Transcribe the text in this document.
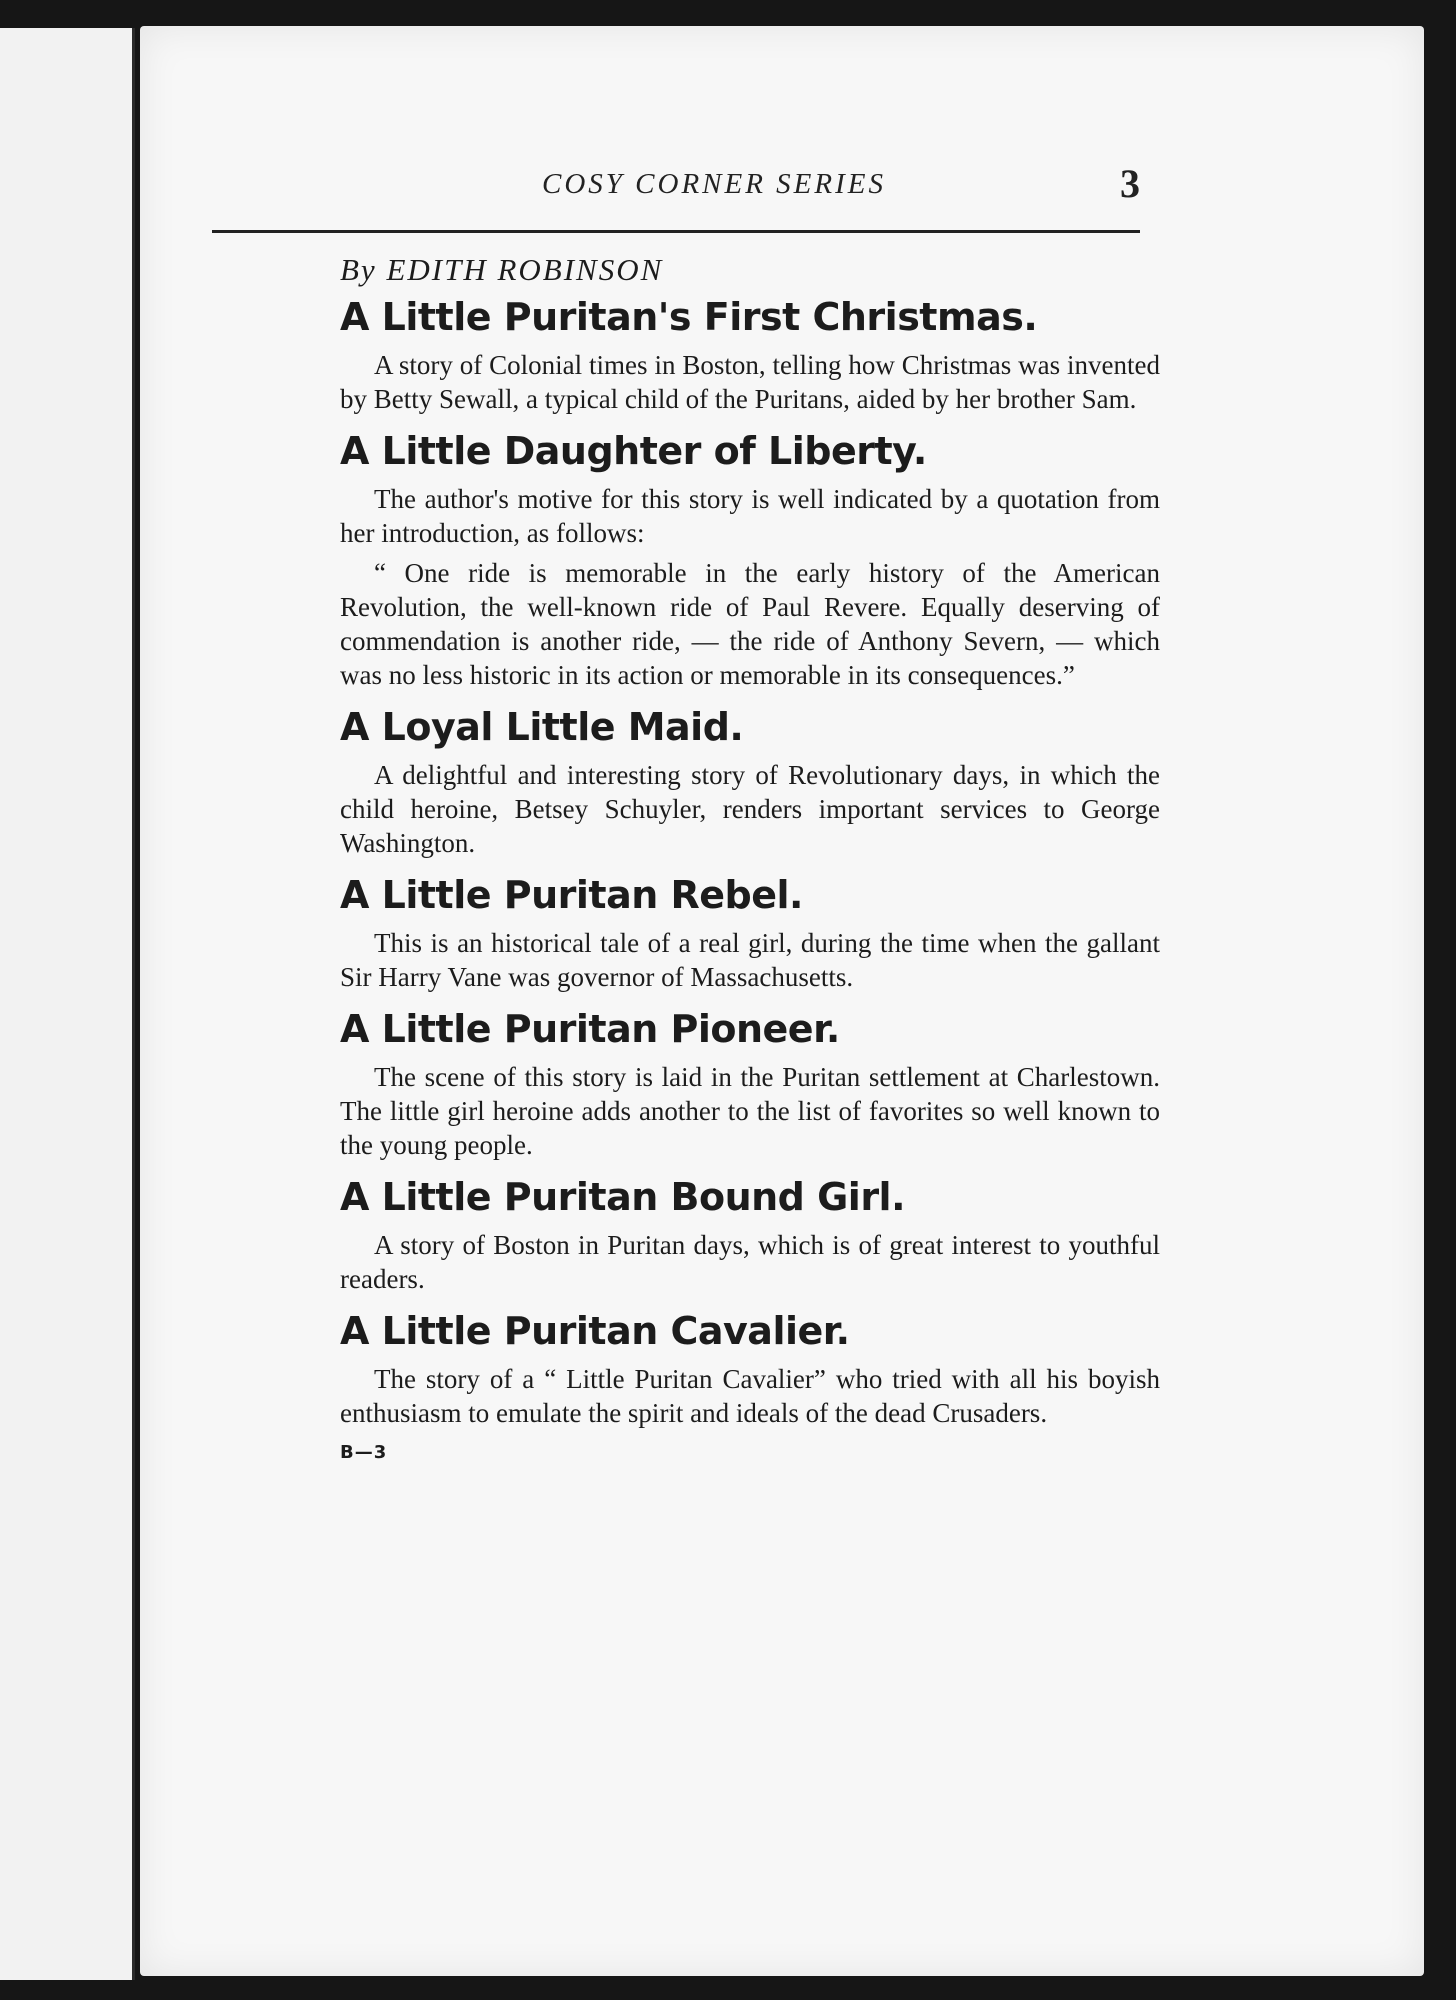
COSY CORNER SERIES	3
By EDITH ROBINSON
A Little Puritan's First Christmas.

A story of Colonial times in Boston, telling how Christmas was invented by Betty Sewall, a typical child of the Puritans, aided by her brother Sam.

A Little Daughter of Liberty.

The author's motive for this story is well indicated by a quotation from her introduction, as follows:

“ One ride is memorable in the early history of the American Revolution, the well-known ride of Paul Revere. Equally deserving of commendation is another ride, — the ride of Anthony Severn, — which was no less historic in its action or memorable in its consequences.”

A Loyal Little Maid.

A delightful and interesting story of Revolutionary days, in which the child heroine, Betsey Schuyler, renders important services to George Washington.

A Little Puritan Rebel.

This is an historical tale of a real girl, during the time when the gallant Sir Harry Vane was governor of Massachusetts.

A Little Puritan Pioneer.

The scene of this story is laid in the Puritan settlement at Charlestown. The little girl heroine adds another to the list of favorites so well known to the young people.

A Little Puritan Bound Girl.

A story of Boston in Puritan days, which is of great interest to youthful readers.

A Little Puritan Cavalier.

The story of a “ Little Puritan Cavalier” who tried with all his boyish enthusiasm to emulate the spirit and ideals of the dead Crusaders.

B—3
